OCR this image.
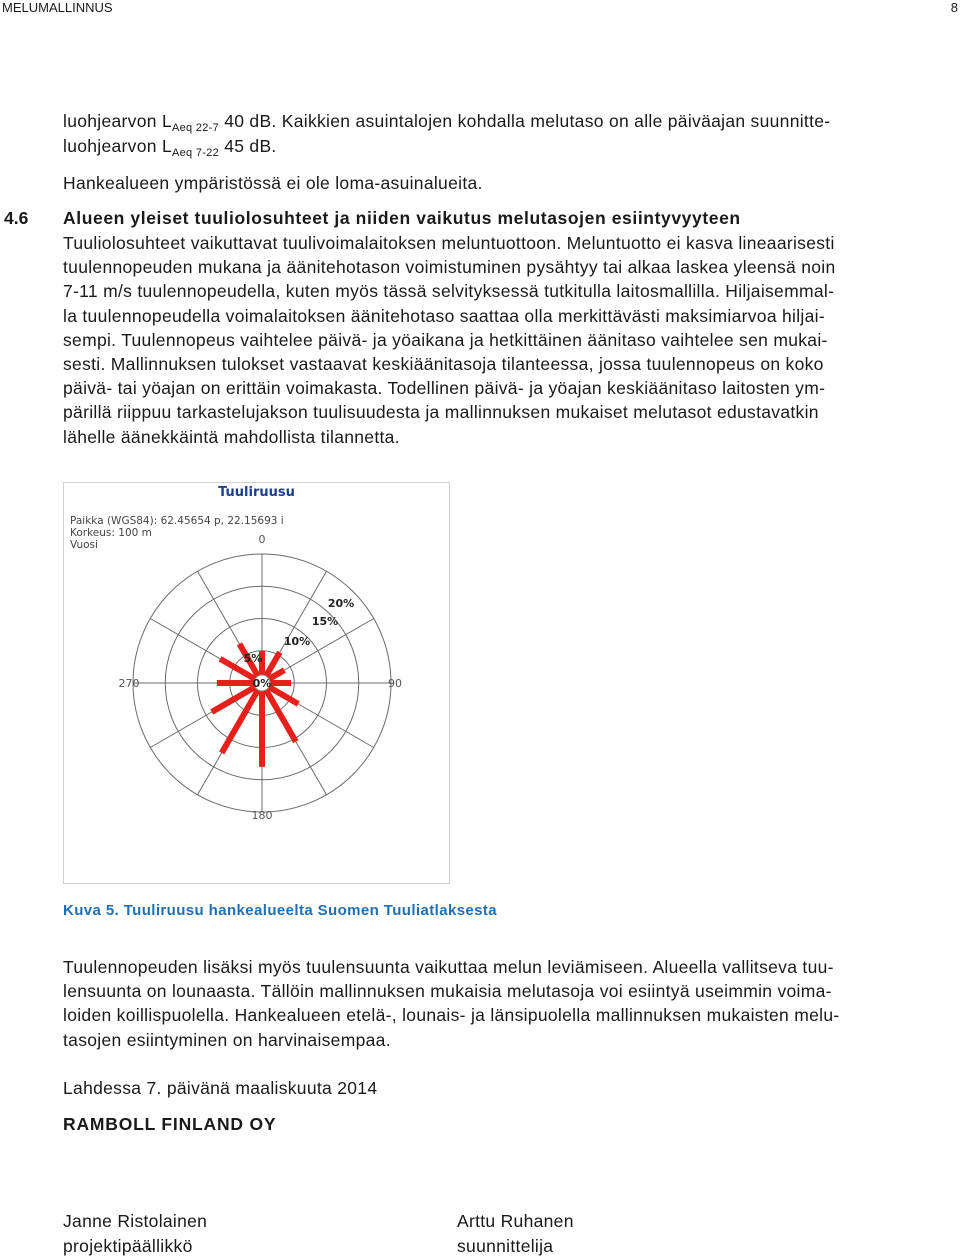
MELUMALLINNUS	8
luohjearvon $L_{Aeq 22-7}$ 40 dB. Kaikkien asuintalojen kohdalla melutaso on alle päiväajan suunnitte-
luohjearvon $L_{Aeq 7-22}$ 45 dB.
Hankealueen ympäristössä ei ole loma-asuinalueita.
4.6 Alueen yleiset tuuliolosuhteet ja niiden vaikutus melutasojen esiintyvyyteen
Tuuliolosuhteet vaikuttavat tuulivoimalaitoksen meluntuottoon. Meluntuotto ei kasva lineaarisesti
tuulennopeuden mukana ja äänitehotason voimistuminen pysähtyy tai alkaa laskea yleensä noin
7-11 m/s tuulennopeudella, kuten myös tässä selvityksessä tutkitulla laitosmallilla. Hiljaisemmal-
la tuulennopeudella voimalaitoksen äänitehotaso saattaa olla merkittävästi maksimiarvoa hiljai-
sempi. Tuulennopeus vaihtelee päivä- ja yöaikana ja hetkittäinen äänitaso vaihtelee sen mukai-
sesti. Mallinnuksen tulokset vastaavat keskiäänitasoja tilanteessa, jossa tuulennopeus on koko
päivä- tai yöajan on erittäin voimakasta. Todellinen päivä- ja yöajan keskiäänitaso laitosten ym-
pärillä riippuu tarkastelujakson tuulisuudesta ja mallinnuksen mukaiset melutasot edustavatkin
lähelle äänekkäintä mahdollista tilannetta.
0%
5%
10%
15%
20%
0
90
180
270
Tuuliruusu
Paikka (WGS84): 62.45654 p, 22.15693 i
Korkeus: 100 m
Vuosi
Kuva 5. Tuuliruusu hankealueelta Suomen Tuuliatlaksesta
Tuulennopeuden lisäksi myös tuulensuunta vaikuttaa melun leviämiseen. Alueella vallitseva tuu-
lensuunta on lounaasta. Tällöin mallinnuksen mukaisia melutasoja voi esiintyä useimmin voima-
loiden koillispuolella. Hankealueen etelä-, lounais- ja länsipuolella mallinnuksen mukaisten melu-
tasojen esiintyminen on harvinaisempaa.
Lahdessa 7. päivänä maaliskuuta 2014
RAMBOLL FINLAND OY
Janne Ristolainen
projektipäällikkö
Arttu Ruhanen
suunnittelija
